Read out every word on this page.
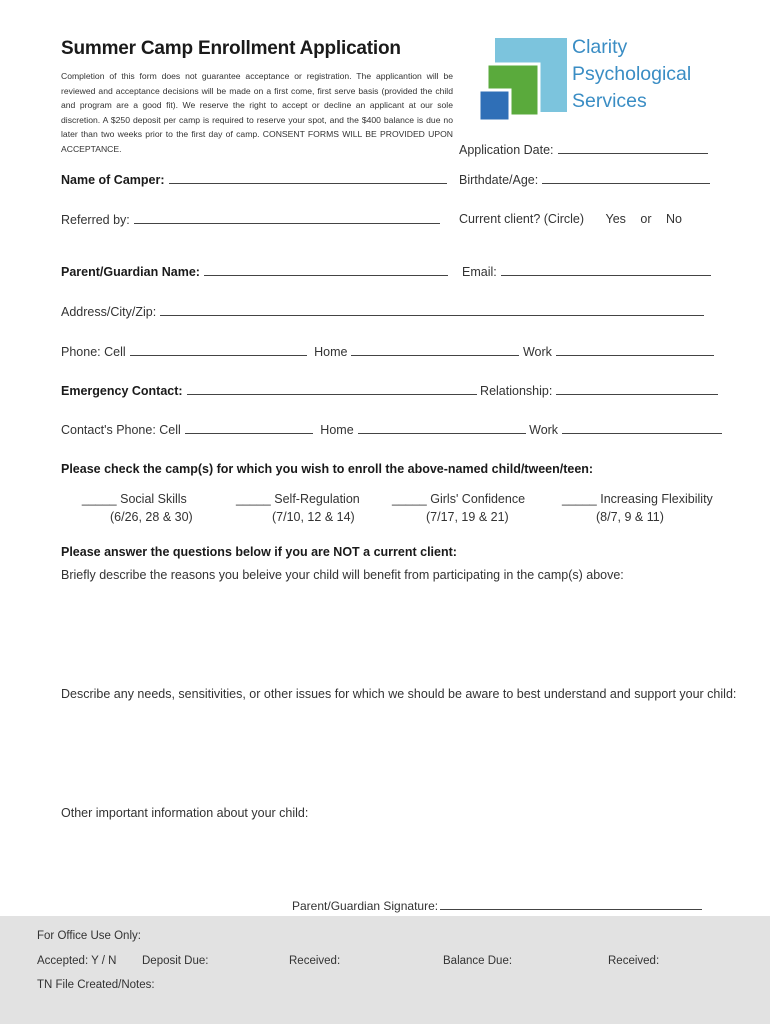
Summer Camp Enrollment Application
Completion of this form does not guarantee acceptance or registration. The applicantion will be reviewed and acceptance decisions will be made on a first come, first serve basis (provided the child and program are a good fit). We reserve the right to accept or decline an applicant at our sole discretion. A $250 deposit per camp is required to reserve your spot, and the $400 balance is due no later than two weeks prior to the first day of camp. CONSENT FORMS WILL BE PROVIDED UPON ACCEPTANCE.
Clarity
Psychological
Services
Application Date:
Name of Camper:	Birthdate/Age:
Referred by:	Current client? (Circle) Yes or No
Parent/Guardian Name:	Email:
Address/City/Zip:
Phone: Cell	Home	Work
Emergency Contact:	Relationship:
Contact's Phone: Cell	Home	Work
Please check the camp(s) for which you wish to enroll the above-named child/tween/teen:
_____ Social Skills
(6/26, 28 & 30)
_____ Self-Regulation
(7/10, 12 & 14)
_____ Girls' Confidence
(7/17, 19 & 21)
_____ Increasing Flexibility
(8/7, 9 & 11)
Please answer the questions below if you are NOT a current client:
Briefly describe the reasons you beleive your child will benefit from participating in the camp(s) above:
Describe any needs, sensitivities, or other issues for which we should be aware to best understand and support your child:
Other important information about your child:
Parent/Guardian Signature:
For Office Use Only:
Accepted: Y / N Deposit Due:	Received:	Balance Due:	Received:
TN File Created/Notes:
